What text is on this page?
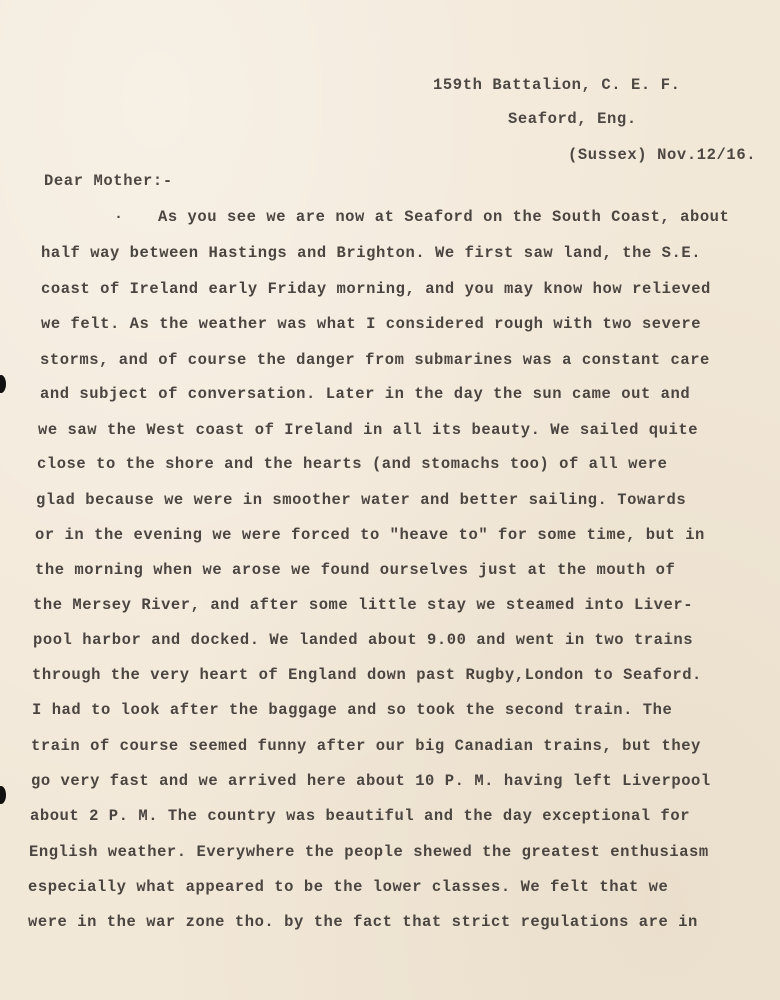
159th Battalion, C. E. F.
Seaford, Eng.
(Sussex) Nov.12/16.
Dear Mother:-
. As you see we are now at Seaford on the South Coast, about
half way between Hastings and Brighton. We first saw land, the S.E.
coast of Ireland early Friday morning, and you may know how relieved
we felt. As the weather was what I considered rough with two severe
storms, and of course the danger from submarines was a constant care
and subject of conversation. Later in the day the sun came out and
we saw the West coast of Ireland in all its beauty. We sailed quite
close to the shore and the hearts (and stomachs too) of all were
glad because we were in smoother water and better sailing. Towards
or in the evening we were forced to "heave to" for some time, but in
the morning when we arose we found ourselves just at the mouth of
the Mersey River, and after some little stay we steamed into Liver-
pool harbor and docked. We landed about 9.00 and went in two trains
through the very heart of England down past Rugby,London to Seaford.
I had to look after the baggage and so took the second train. The
train of course seemed funny after our big Canadian trains, but they
go very fast and we arrived here about 10 P. M. having left Liverpool
about 2 P. M. The country was beautiful and the day exceptional for
English weather. Everywhere the people shewed the greatest enthusiasm
especially what appeared to be the lower classes. We felt that we
were in the war zone tho. by the fact that strict regulations are in
